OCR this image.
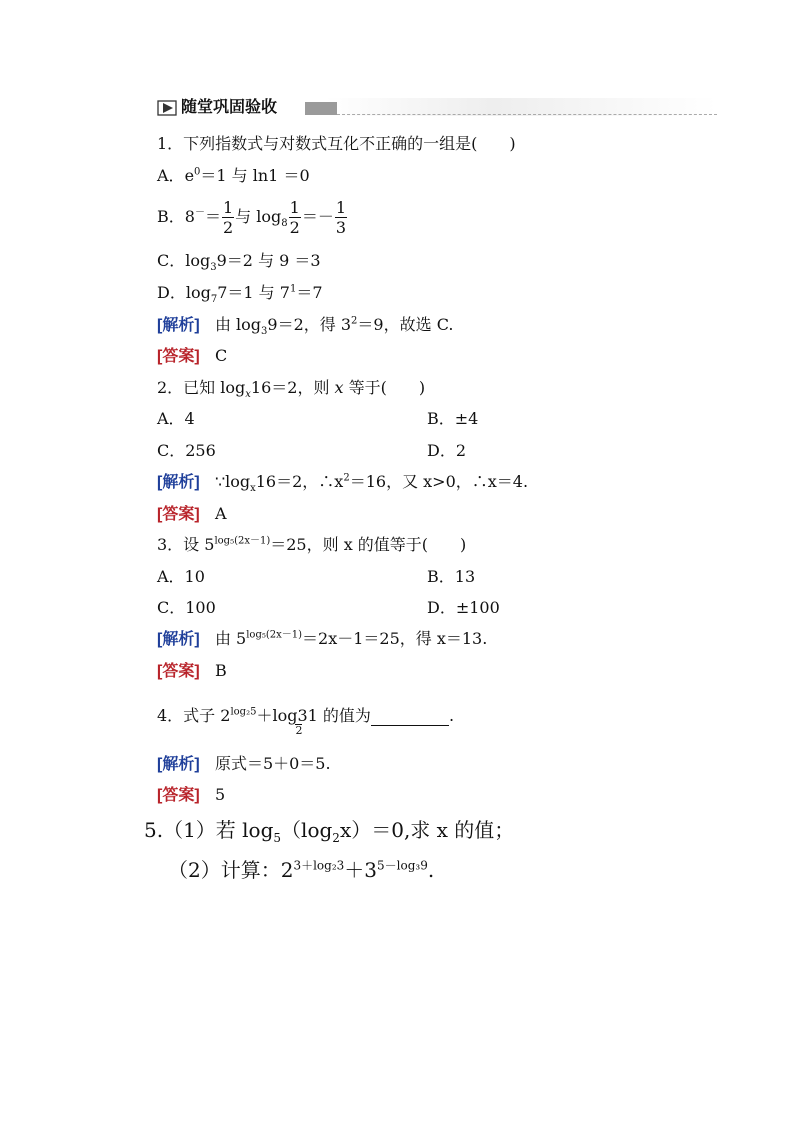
随堂巩固验收
1．下列指数式与对数式互化不正确的一组是(　　)
A．$e^0=1$ 与 ln1 ＝0
B．$8^-= \frac{1}{2}$ 与 $\log_8 \frac{1}{2} =- \frac{1}{3}$
C．$\log_39=2$ 与 9 ＝3
D．$\log_77=1$ 与 $7^1=7$
[解析] 由 $\log_39=2$，得 $3^2=9$，故选 C.
[答案] C
2．已知 $\log_x16=2$，则 x 等于(　　)
A．4	B．±4
C．256	D．2
[解析] $\because\log_x16=2$，$\therefore x^2=16$，又 x>0，∴x＝4.
[答案] A
3．设 $5^{log_5(2x-1)}=25$，则 x 的值等于(　　)
A．10	B．13
C．100	D．±100
[解析] 由 $5^{log_5(2x-1)}=2x-1=25$，得 x＝13.
[答案] B
4．式子 $2^{log_25}+\log 31$
2
的值为	.
[解析] 原式＝5＋0＝5.
[答案] 5
5.（1）若 $\log_5(\log_2x)=0$,求 x 的值；
（2）计算：$2^{3+log_23}+3^{5-log_39}$.
